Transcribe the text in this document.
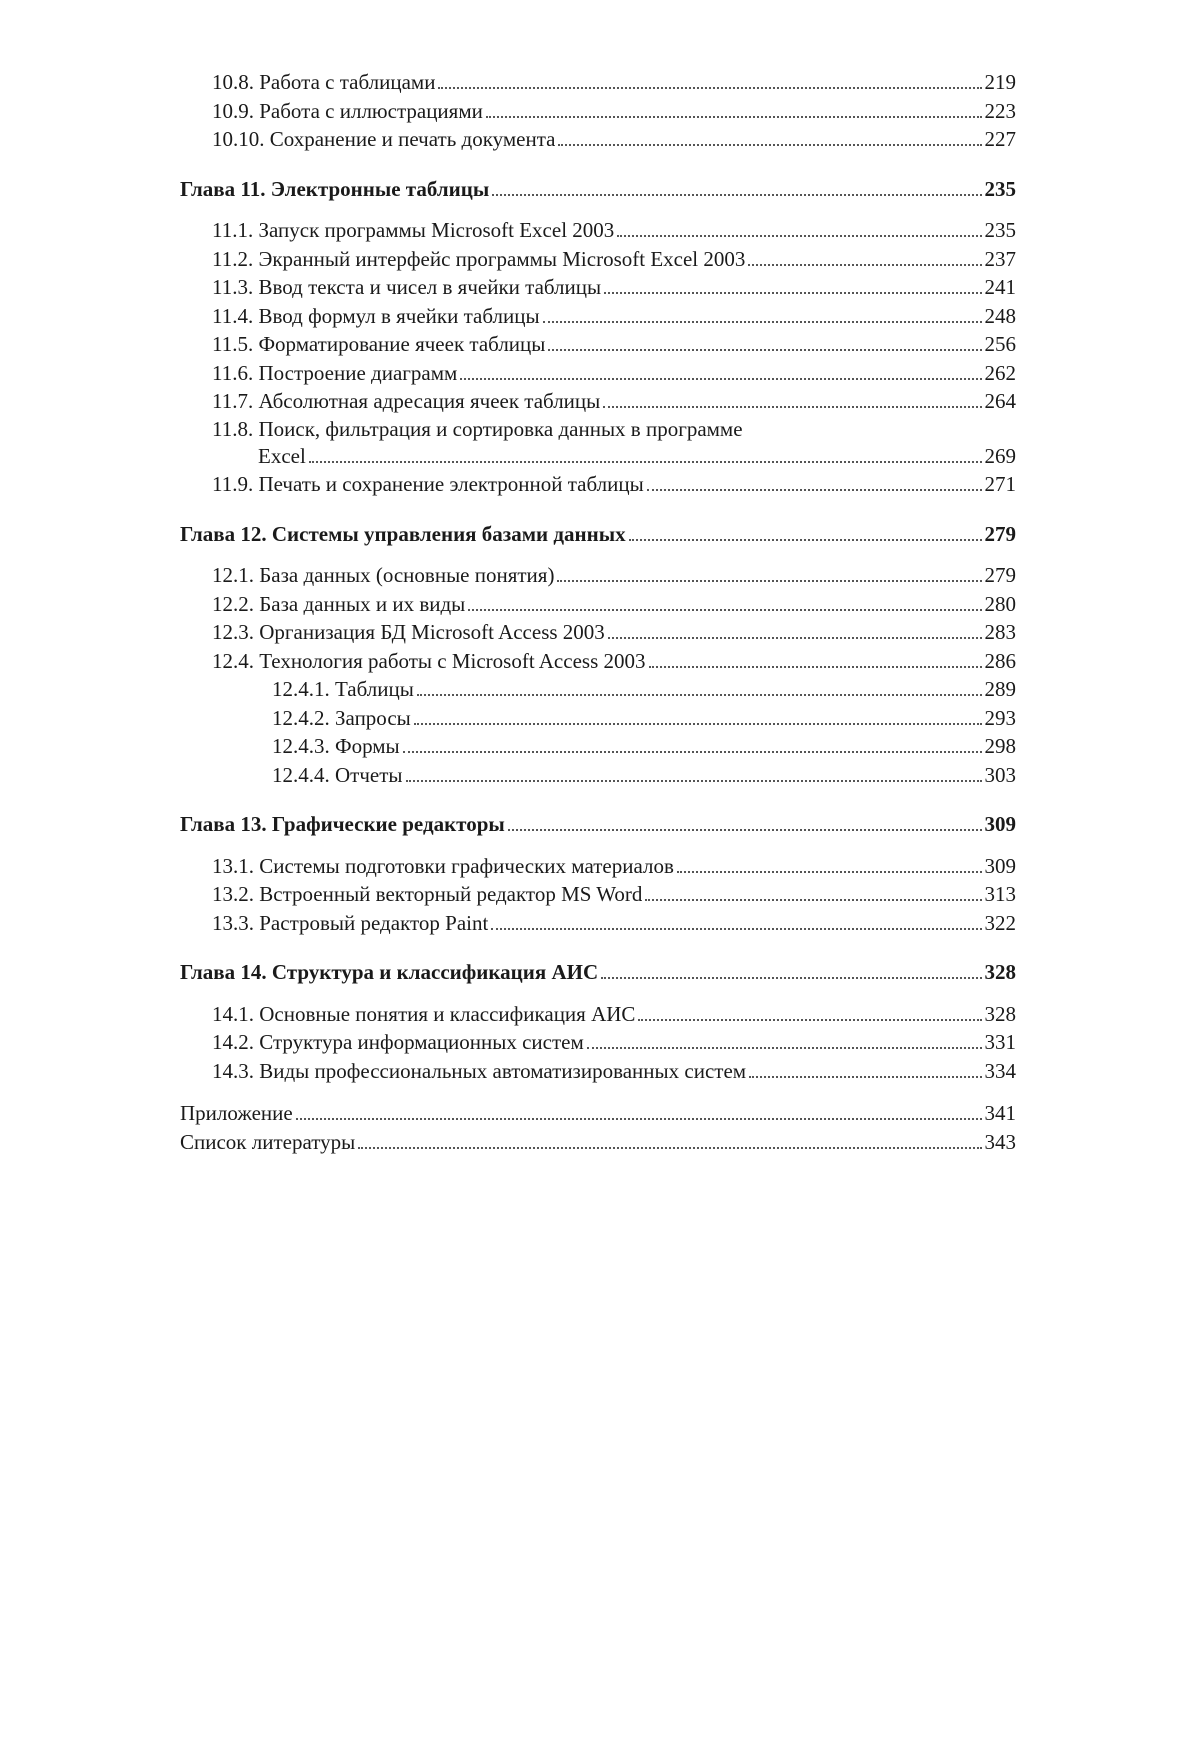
10.8. Работа с таблицами	219
10.9. Работа с иллюстрациями	223
10.10. Сохранение и печать документа	227
Глава 11. Электронные таблицы	235
11.1. Запуск программы Microsoft Excel 2003	235
11.2. Экранный интерфейс программы Microsoft Excel 2003	237
11.3. Ввод текста и чисел в ячейки таблицы	241
11.4. Ввод формул в ячейки таблицы	248
11.5. Форматирование ячеек таблицы	256
11.6. Построение диаграмм	262
11.7. Абсолютная адресация ячеек таблицы	264
11.8. Поиск, фильтрация и сортировка данных в программе
Excel	269
11.9. Печать и сохранение электронной таблицы	271
Глава 12. Системы управления базами данных	279
12.1. База данных (основные понятия)	279
12.2. База данных и их виды	280
12.3. Организация БД Microsoft Access 2003	283
12.4. Технология работы с Microsoft Access 2003	286
12.4.1. Таблицы	289
12.4.2. Запросы	293
12.4.3. Формы	298
12.4.4. Отчеты	303
Глава 13. Графические редакторы	309
13.1. Системы подготовки графических материалов	309
13.2. Встроенный векторный редактор MS Word	313
13.3. Растровый редактор Paint	322
Глава 14. Структура и классификация АИС	328
14.1. Основные понятия и классификация АИС	328
14.2. Структура информационных систем	331
14.3. Виды профессиональных автоматизированных систем	334
Приложение	341
Список литературы	343
